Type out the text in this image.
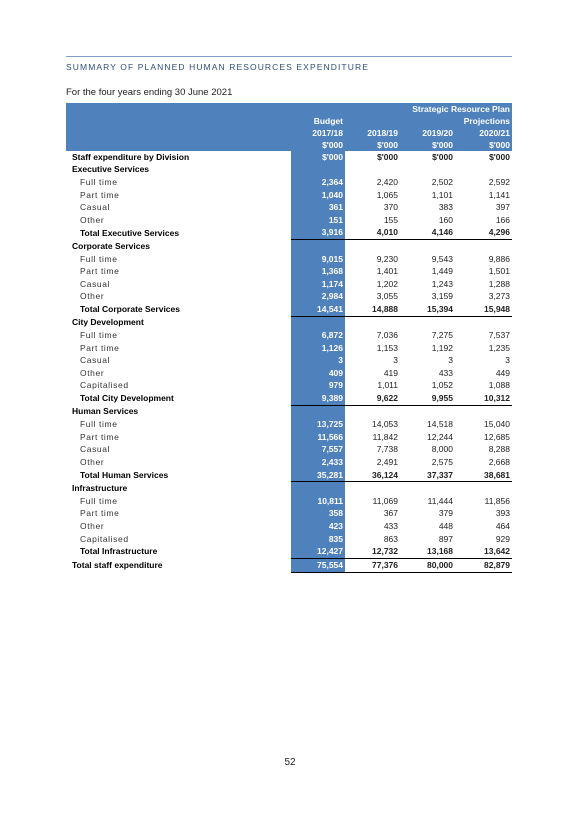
SUMMARY OF PLANNED HUMAN RESOURCES EXPENDITURE
For the four years ending 30 June 2021
		Strategic Resource Plan		
	Budget	Projections		
	2017/18	2018/19	2019/20	2020/21
	$'000	$'000	$'000	$'000
Staff expenditure by Division	$'000	$'000	$'000	$'000
Executive Services				
Full time	2,364	2,420	2,502	2,592
Part time	1,040	1,065	1,101	1,141
Casual	361	370	383	397
Other	151	155	160	166
Total Executive Services	3,916	4,010	4,146	4,296
Corporate Services				
Full time	9,015	9,230	9,543	9,886
Part time	1,368	1,401	1,449	1,501
Casual	1,174	1,202	1,243	1,288
Other	2,984	3,055	3,159	3,273
Total Corporate Services	14,541	14,888	15,394	15,948
City Development				
Full time	6,872	7,036	7,275	7,537
Part time	1,126	1,153	1,192	1,235
Casual	3	3	3	3
Other	409	419	433	449
Capitalised	979	1,011	1,052	1,088
Total City Development	9,389	9,622	9,955	10,312
Human Services				
Full time	13,725	14,053	14,518	15,040
Part time	11,566	11,842	12,244	12,685
Casual	7,557	7,738	8,000	8,288
Other	2,433	2,491	2,575	2,668
Total Human Services	35,281	36,124	37,337	38,681
Infrastructure				
Full time	10,811	11,069	11,444	11,856
Part time	358	367	379	393
Other	423	433	448	464
Capitalised	835	863	897	929
Total Infrastructure	12,427	12,732	13,168	13,642
Total staff expenditure	75,554	77,376	80,000	82,879
52
